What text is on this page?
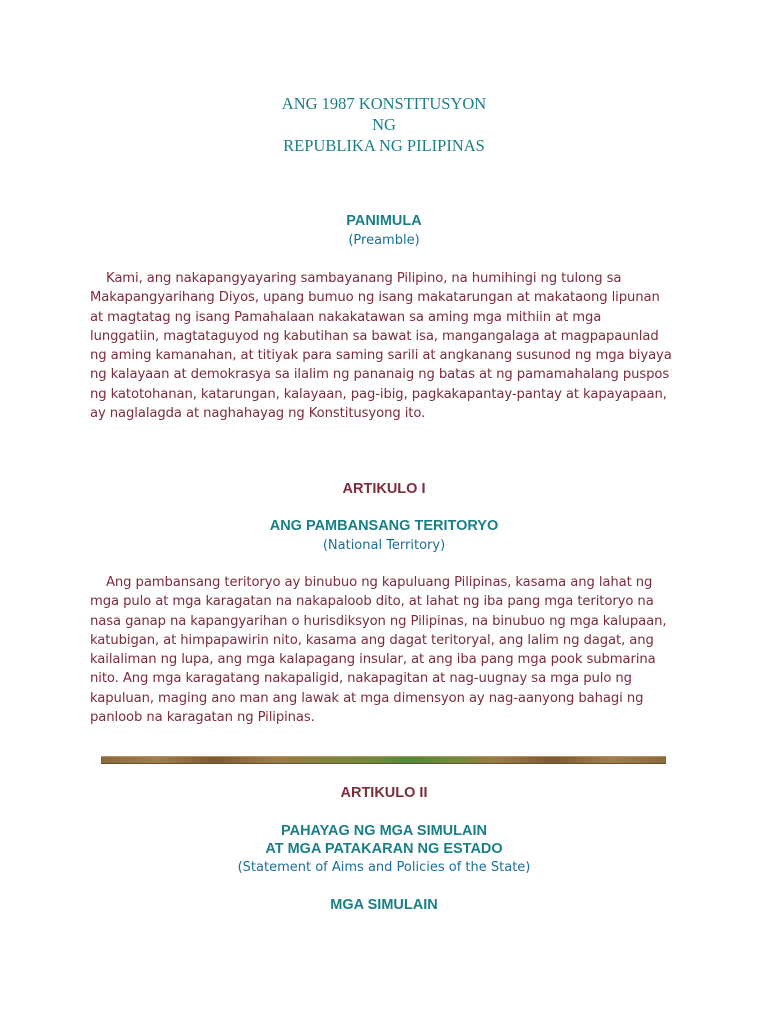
ANG 1987 KONSTITUSYON

NG

REPUBLIKA NG PILIPINAS

PANIMULA

(Preamble)

Kami, ang nakapangyayaring sambayanang Pilipino, na humihingi ng tulong sa Makapangyarihang Diyos, upang bumuo ng isang makatarungan at makataong lipunan at magtatag ng isang Pamahalaan nakakatawan sa aming mga mithiin at mga lunggatiin, magtataguyod ng kabutihan sa bawat isa, mangangalaga at magpapaunlad ng aming kamanahan, at titiyak para saming sarili at angkanang susunod ng mga biyaya ng kalayaan at demokrasya sa ilalim ng pananaig ng batas at ng pamamahalang puspos ng katotohanan, katarungan, kalayaan, pag-ibig, pagkakapantay-pantay at kapayapaan, ay naglalagda at naghahayag ng Konstitusyong ito.

ARTIKULO I

ANG PAMBANSANG TERITORYO

(National Territory)

Ang pambansang teritoryo ay binubuo ng kapuluang Pilipinas, kasama ang lahat ng mga pulo at mga karagatan na nakapaloob dito, at lahat ng iba pang mga teritoryo na nasa ganap na kapangyarihan o hurisdiksyon ng Pilipinas, na binubuo ng mga kalupaan, katubigan, at himpapawirin nito, kasama ang dagat teritoryal, ang lalim ng dagat, ang kailaliman ng lupa, ang mga kalapagang insular, at ang iba pang mga pook submarina nito. Ang mga karagatang nakapaligid, nakapagitan at nag-uugnay sa mga pulo ng kapuluan, maging ano man ang lawak at mga dimensyon ay nag-aanyong bahagi ng panloob na karagatan ng Pilipinas.

ARTIKULO II

PAHAYAG NG MGA SIMULAIN

AT MGA PATAKARAN NG ESTADO

(Statement of Aims and Policies of the State)

MGA SIMULAIN
